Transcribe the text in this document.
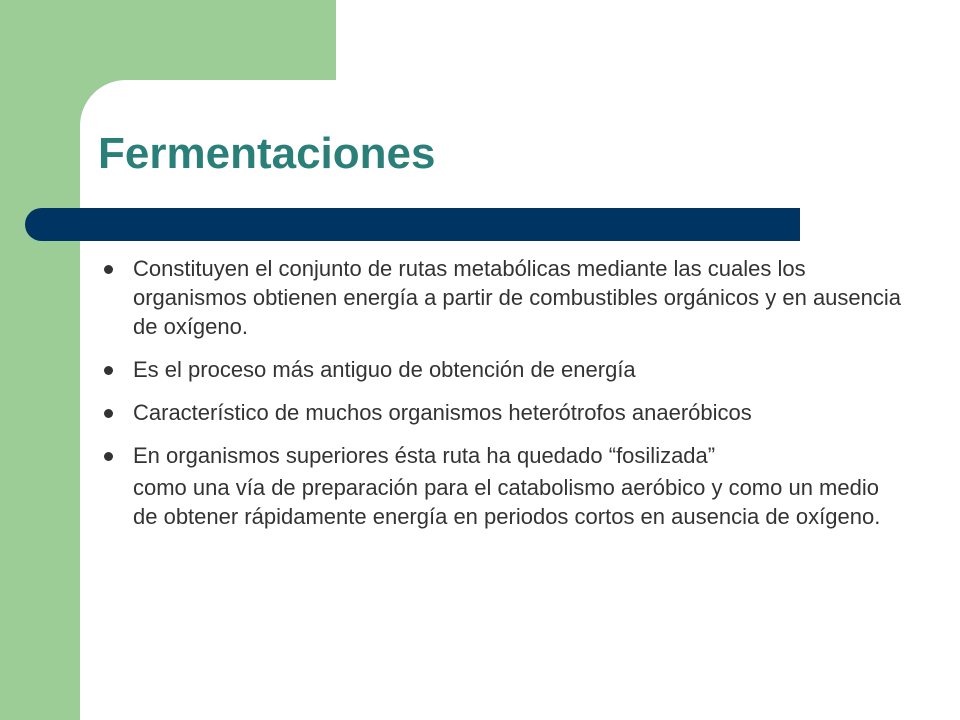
Fermentaciones
Constituyen el conjunto de rutas metabólicas mediante las cuales los organismos obtienen energía a partir de combustibles orgánicos y en ausencia de oxígeno.
Es el proceso más antiguo de obtención de energía
Característico de muchos organismos heterótrofos anaeróbicos
En organismos superiores ésta ruta ha quedado “fosilizada”

como una vía de preparación para el catabolismo aeróbico y como un medio de obtener rápidamente energía en periodos cortos en ausencia de oxígeno.
